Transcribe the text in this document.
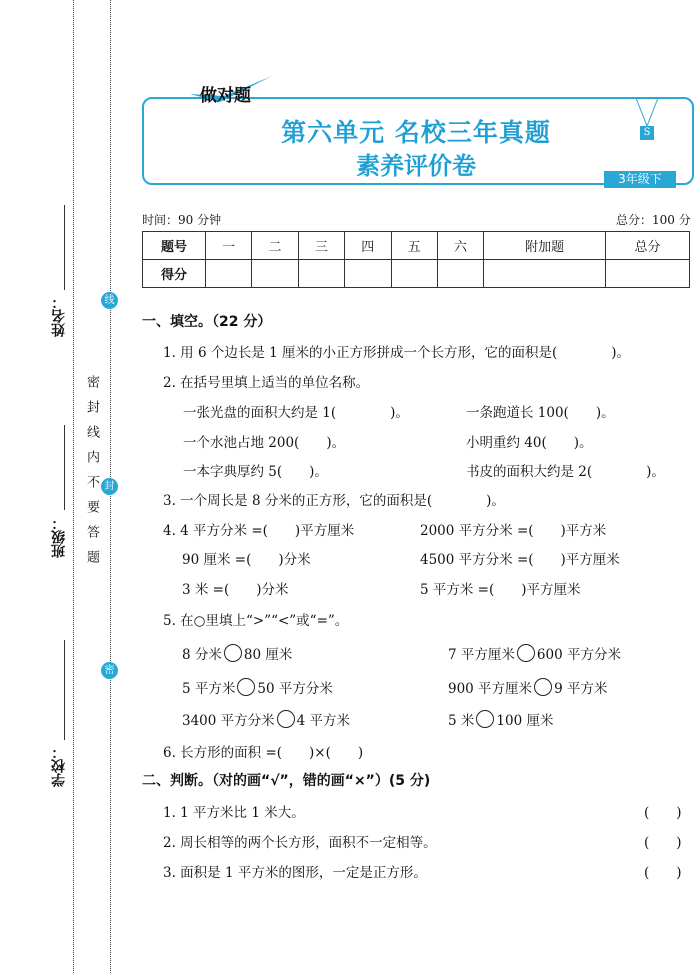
姓名：
班级：
学校：
密封线内不要答题
线
封
密
做对题
第六单元 名校三年真题
素养评价卷
S
3年级下
时间：90 分钟	总分：100 分
题号	一	二	三	四	五	六	附加题	总分
得分								
一、填空。（22 分）
1. 用 6 个边长是 1 厘米的小正方形拼成一个长方形，它的面积是(　　　　)。
2. 在括号里填上适当的单位名称。
一张光盘的面积大约是 1(　　　　)。	一条跑道长 100(　　)。
一个水池占地 200(　　)。	小明重约 40(　　)。
一本字典厚约 5(　　)。	书皮的面积大约是 2(　　　　)。
3. 一个周长是 8 分米的正方形，它的面积是(　　　　)。
4. 4 平方分米 =(　　)平方厘米	2000 平方分米 =(　　)平方米
90 厘米 =(　　)分米	4500 平方分米 =(　　)平方厘米
3 米 =(　　)分米	5 平方米 =(　　)平方厘米
5. 在○里填上“>”“<”或“=”。
8 分米 80 厘米	7 平方厘米 600 平方分米
5 平方米 50 平方分米	900 平方厘米 9 平方米
3400 平方分米 4 平方米	5 米 100 厘米
6. 长方形的面积 =(　　)×(　　)
二、判断。（对的画“√”，错的画“×”）(5 分)
1. 1 平方米比 1 米大。	(　　)
2. 周长相等的两个长方形，面积不一定相等。	(　　)
3. 面积是 1 平方米的图形，一定是正方形。	(　　)
